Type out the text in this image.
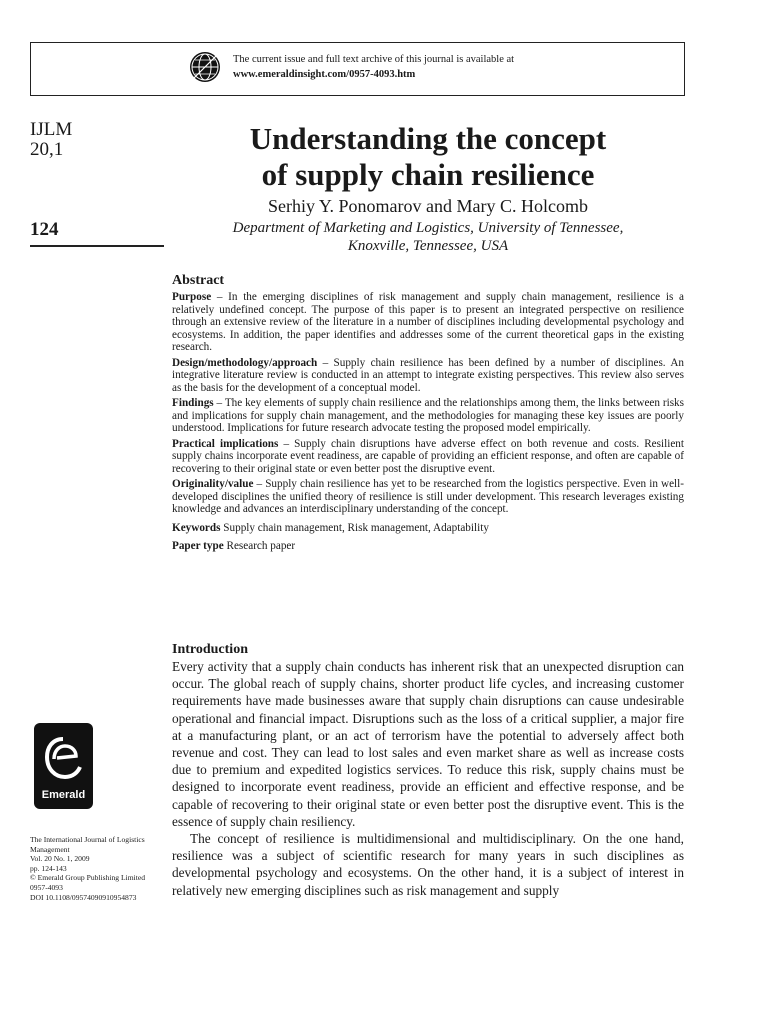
The current issue and full text archive of this journal is available at
www.emeraldinsight.com/0957-4093.htm
IJLM
20,1
124
Understanding the concept
of supply chain resilience
Serhiy Y. Ponomarov and Mary C. Holcomb
Department of Marketing and Logistics, University of Tennessee,
Knoxville, Tennessee, USA
Abstract

Purpose – In the emerging disciplines of risk management and supply chain management, resilience is a relatively undefined concept. The purpose of this paper is to present an integrated perspective on resilience through an extensive review of the literature in a number of disciplines including developmental psychology and ecosystems. In addition, the paper identifies and addresses some of the current theoretical gaps in the existing research.

Design/methodology/approach – Supply chain resilience has been defined by a number of disciplines. An integrative literature review is conducted in an attempt to integrate existing perspectives. This review also serves as the basis for the development of a conceptual model.

Findings – The key elements of supply chain resilience and the relationships among them, the links between risks and implications for supply chain management, and the methodologies for managing these key issues are poorly understood. Implications for future research advocate testing the proposed model empirically.

Practical implications – Supply chain disruptions have adverse effect on both revenue and costs. Resilient supply chains incorporate event readiness, are capable of providing an efficient response, and often are capable of recovering to their original state or even better post the disruptive event.

Originality/value – Supply chain resilience has yet to be researched from the logistics perspective. Even in well-developed disciplines the unified theory of resilience is still under development. This research leverages existing knowledge and advances an interdisciplinary understanding of the concept.

Keywords Supply chain management, Risk management, Adaptability

Paper type Research paper

Introduction

Every activity that a supply chain conducts has inherent risk that an unexpected disruption can occur. The global reach of supply chains, shorter product life cycles, and increasing customer requirements have made businesses aware that supply chain disruptions can cause undesirable operational and financial impact. Disruptions such as the loss of a critical supplier, a major fire at a manufacturing plant, or an act of terrorism have the potential to adversely affect both revenue and cost. They can lead to lost sales and even market share as well as increase costs due to premium and expedited logistics services. To reduce this risk, supply chains must be designed to incorporate event readiness, provide an efficient and effective response, and be capable of recovering to their original state or even better post the disruptive event. This is the essence of supply chain resiliency.

The concept of resilience is multidimensional and multidisciplinary. On the one hand, resilience was a subject of scientific research for many years in such disciplines as developmental psychology and ecosystems. On the other hand, it is a subject of interest in relatively new emerging disciplines such as risk management and supply

Emerald
The International Journal of Logistics Management
Vol. 20 No. 1, 2009
pp. 124-143
© Emerald Group Publishing Limited
0957-4093
DOI 10.1108/09574090910954873
